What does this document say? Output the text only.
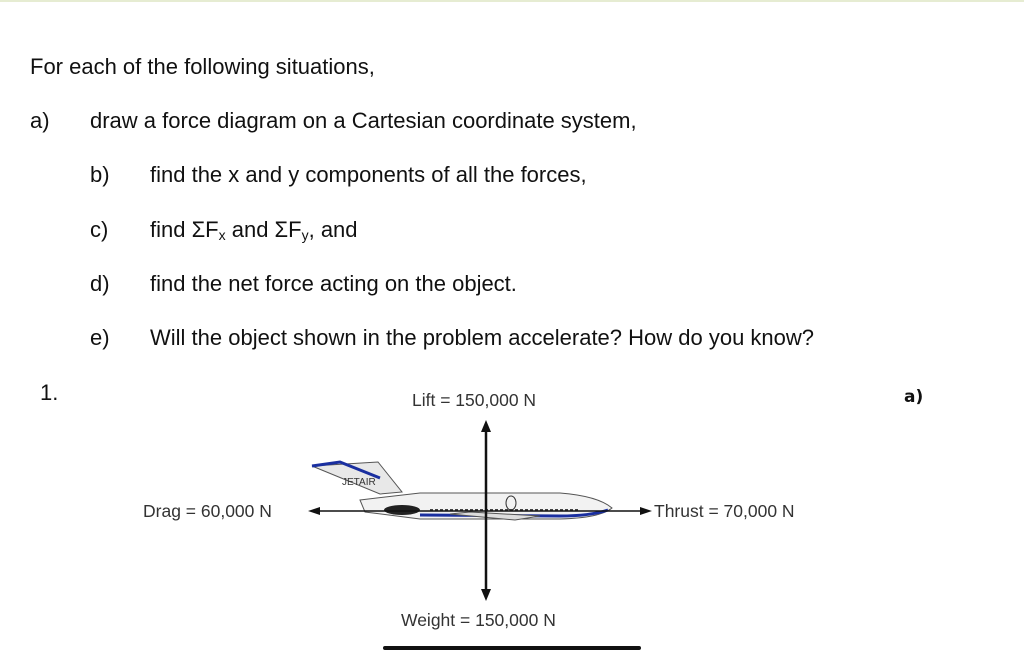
For each of the following situations,
a) draw a force diagram on a Cartesian coordinate system,
b) find the x and y components of all the forces,
c) find $\Sigma F_x$ and $\Sigma F_y$, and
d) find the net force acting on the object.
e) Will the object shown in the problem accelerate? How do you know?
1.	a)
JETAIR
Lift = 150,000 N
Drag = 60,000 N	Thrust = 70,000 N
Weight = 150,000 N
